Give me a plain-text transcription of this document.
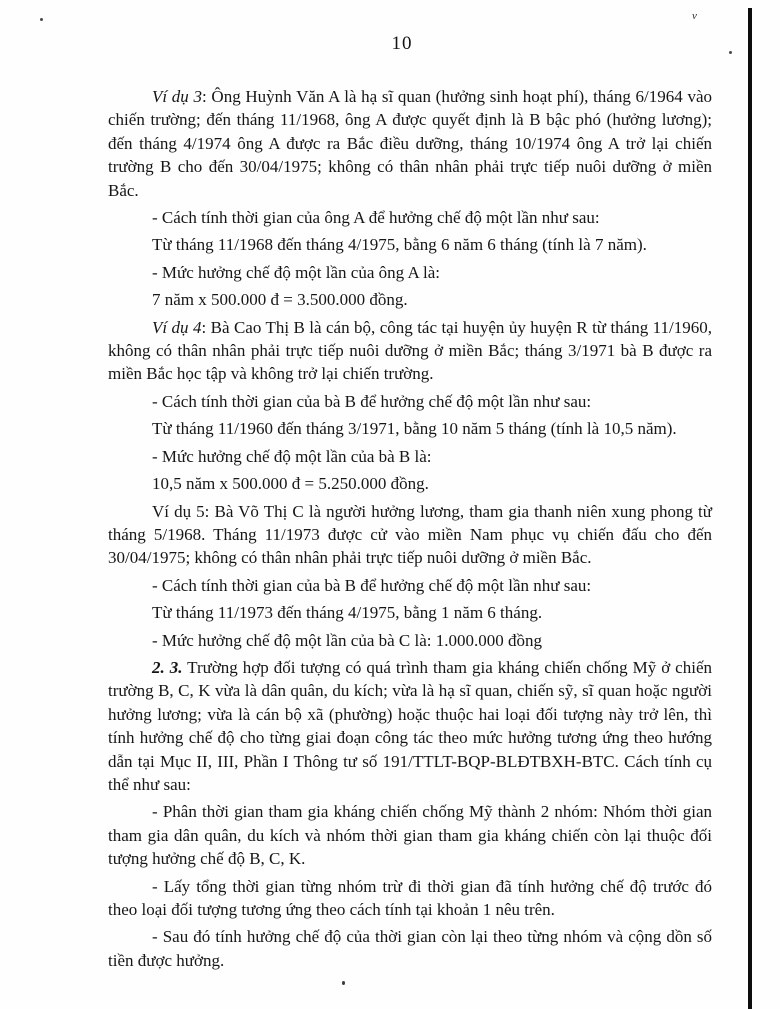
10

Ví dụ 3: Ông Huỳnh Văn A là hạ sĩ quan (hưởng sinh hoạt phí), tháng 6/1964 vào chiến trường; đến tháng 11/1968, ông A được quyết định là B bậc phó (hưởng lương); đến tháng 4/1974 ông A được ra Bắc điều dưỡng, tháng 10/1974 ông A trở lại chiến trường B cho đến 30/04/1975; không có thân nhân phải trực tiếp nuôi dưỡng ở miền Bắc.

- Cách tính thời gian của ông A để hưởng chế độ một lần như sau:

Từ tháng 11/1968 đến tháng 4/1975, bằng 6 năm 6 tháng (tính là 7 năm).

- Mức hưởng chế độ một lần của ông A là:

7 năm x 500.000 đ = 3.500.000 đồng.

Ví dụ 4: Bà Cao Thị B là cán bộ, công tác tại huyện ủy huyện R từ tháng 11/1960, không có thân nhân phải trực tiếp nuôi dưỡng ở miền Bắc; tháng 3/1971 bà B được ra miền Bắc học tập và không trở lại chiến trường.

- Cách tính thời gian của bà B để hưởng chế độ một lần như sau:

Từ tháng 11/1960 đến tháng 3/1971, bằng 10 năm 5 tháng (tính là 10,5 năm).

- Mức hưởng chế độ một lần của bà B là:

10,5 năm x 500.000 đ = 5.250.000 đồng.

Ví dụ 5: Bà Võ Thị C là người hưởng lương, tham gia thanh niên xung phong từ tháng 5/1968. Tháng 11/1973 được cử vào miền Nam phục vụ chiến đấu cho đến 30/04/1975; không có thân nhân phải trực tiếp nuôi dưỡng ở miền Bắc.

- Cách tính thời gian của bà B để hưởng chế độ một lần như sau:

Từ tháng 11/1973 đến tháng 4/1975, bằng 1 năm 6 tháng.

- Mức hưởng chế độ một lần của bà C là: 1.000.000 đồng

2. 3. Trường hợp đối tượng có quá trình tham gia kháng chiến chống Mỹ ở chiến trường B, C, K vừa là dân quân, du kích; vừa là hạ sĩ quan, chiến sỹ, sĩ quan hoặc người hưởng lương; vừa là cán bộ xã (phường) hoặc thuộc hai loại đối tượng này trở lên, thì tính hưởng chế độ cho từng giai đoạn công tác theo mức hưởng tương ứng theo hướng dẫn tại Mục II, III, Phần I Thông tư số 191/TTLT-BQP-BLĐTBXH-BTC. Cách tính cụ thể như sau:

- Phân thời gian tham gia kháng chiến chống Mỹ thành 2 nhóm: Nhóm thời gian tham gia dân quân, du kích và nhóm thời gian tham gia kháng chiến còn lại thuộc đối tượng hưởng chế độ B, C, K.

- Lấy tổng thời gian từng nhóm trừ đi thời gian đã tính hưởng chế độ trước đó theo loại đối tượng tương ứng theo cách tính tại khoản 1 nêu trên.

- Sau đó tính hưởng chế độ của thời gian còn lại theo từng nhóm và cộng dồn số tiền được hưởng.

ν
